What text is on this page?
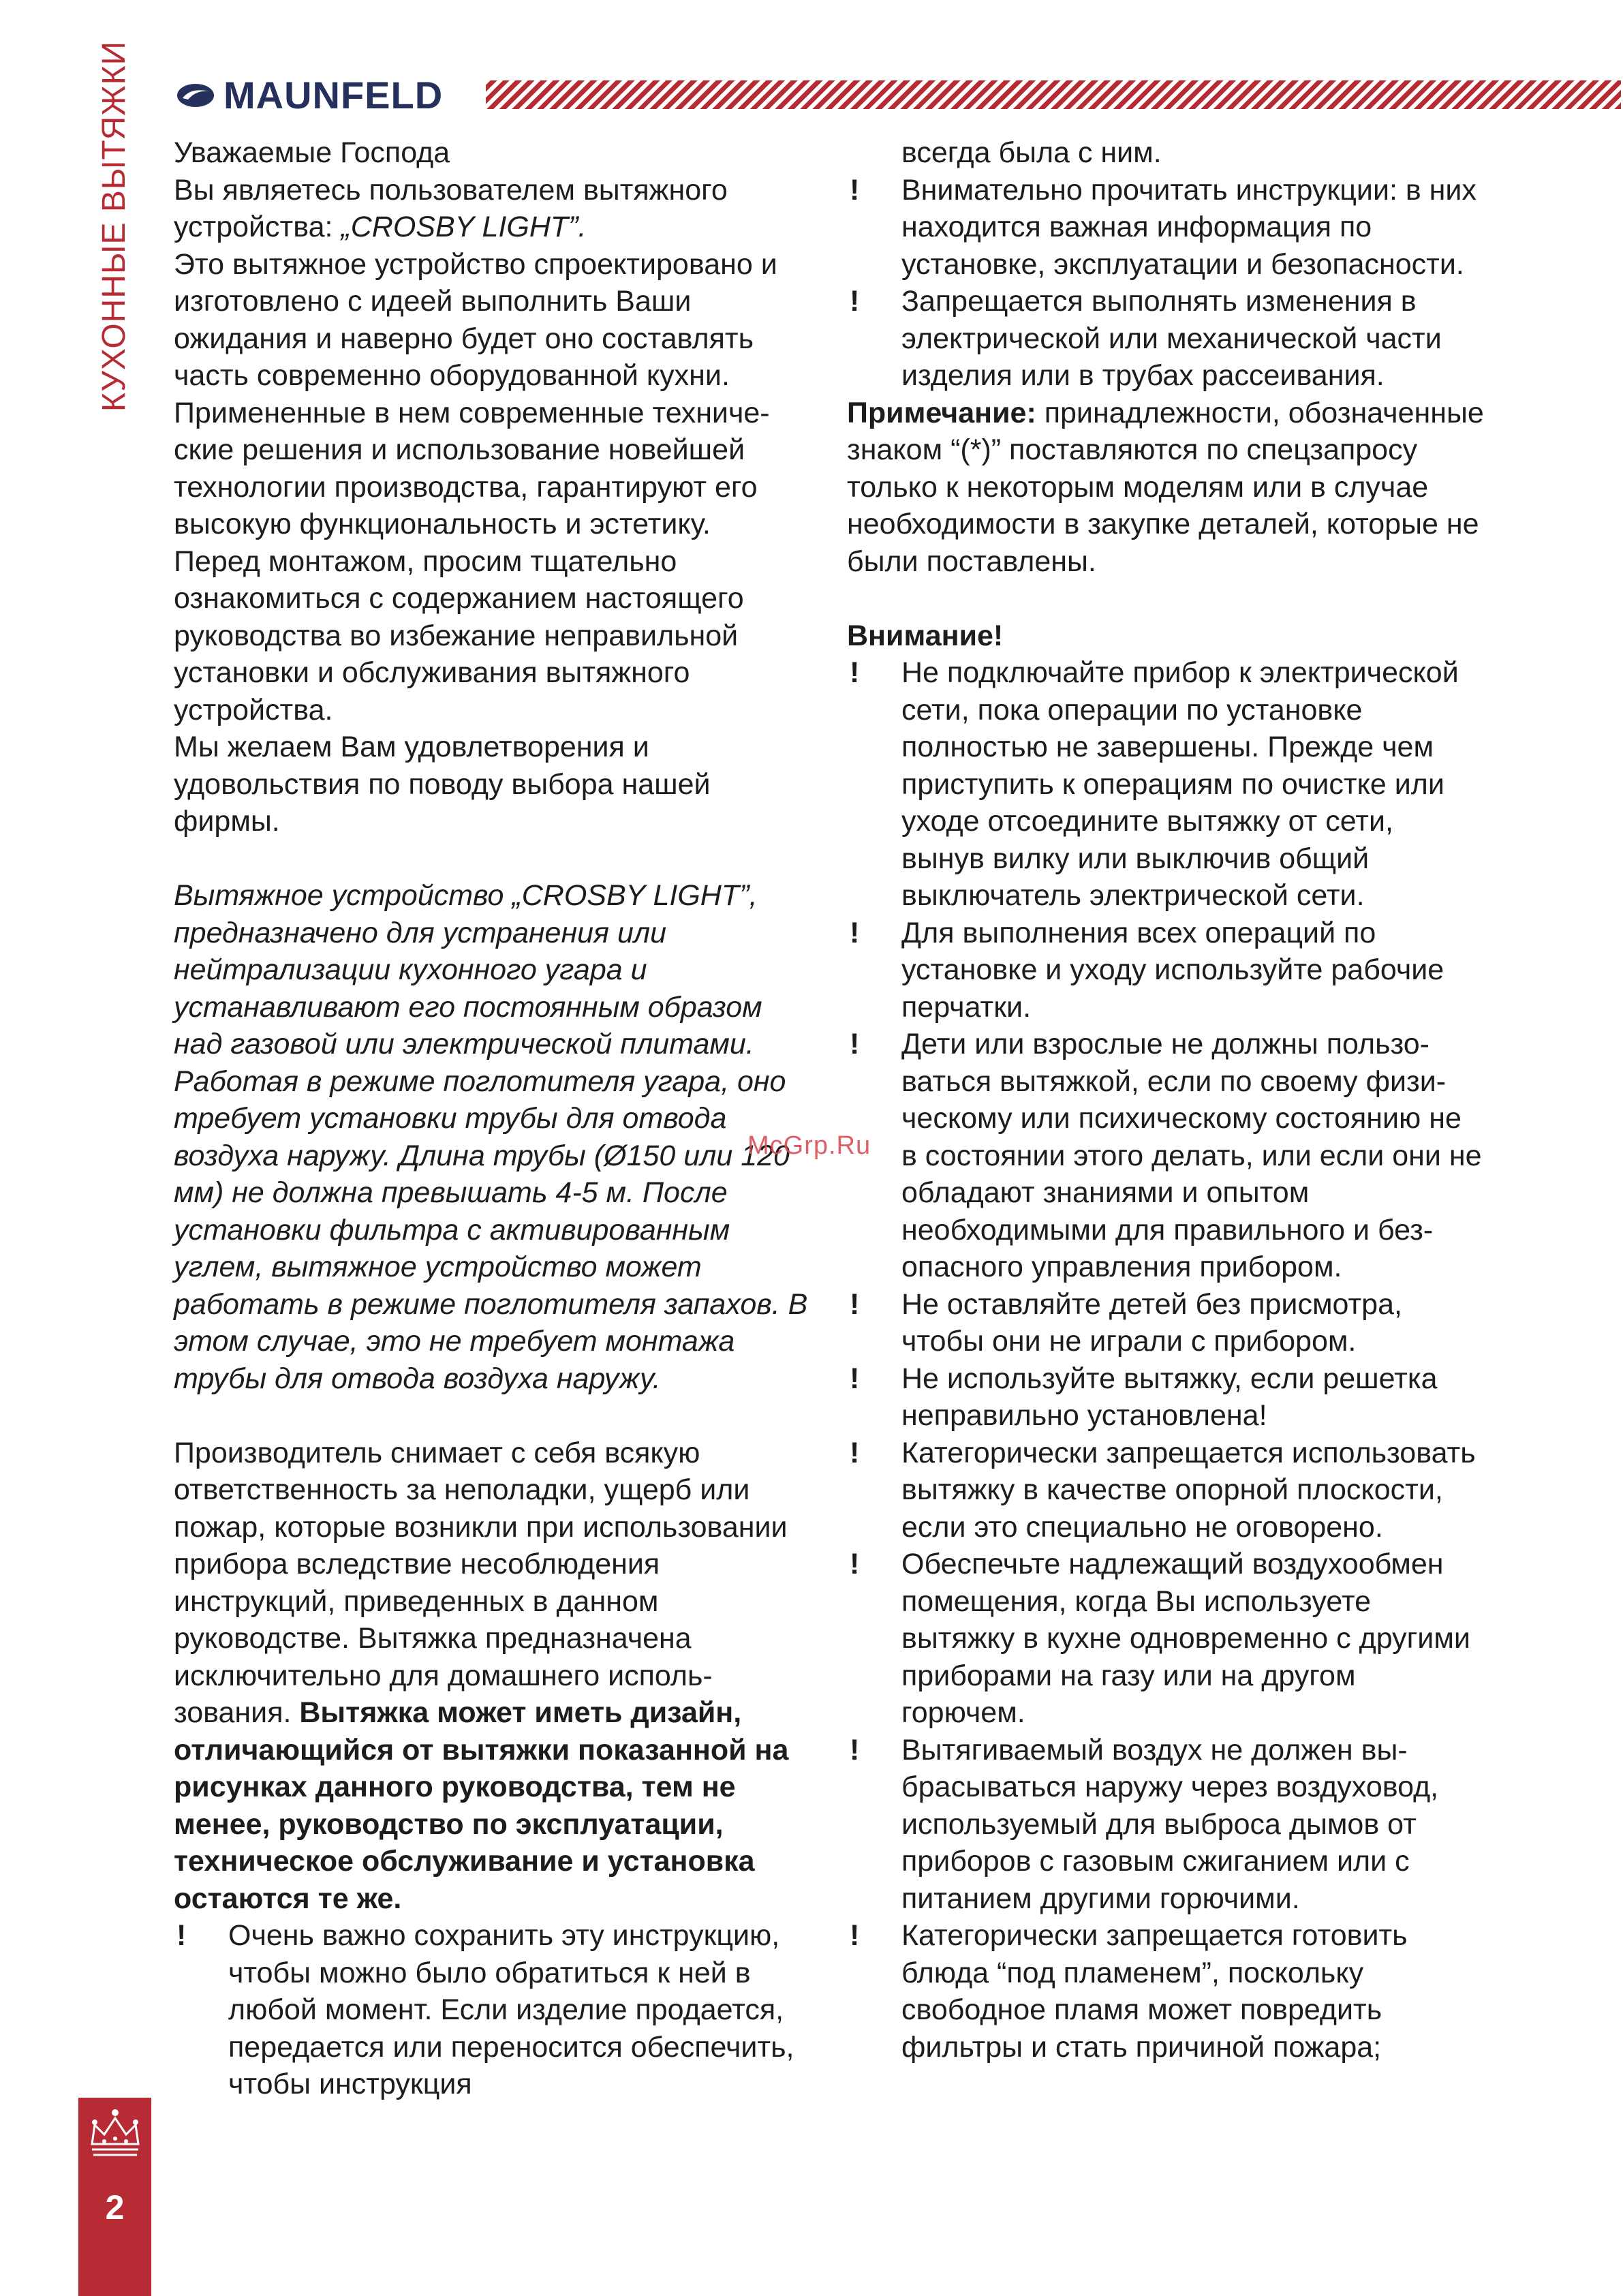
КУХОННЫЕ ВЫТЯЖКИ MAUNFELD

Уважаемые Господа

Вы являетесь пользователем вытяжного устройства: „CROSBY LIGHT”.

Это вытяжное устройство спроектировано и изготовлено с идеей выполнить Ваши ожидания и наверно будет оно составлять часть современно оборудованной кухни.

Примененные в нем современные технические решения и использование новейшей технологии производства, гарантируют его высокую функциональность и эстетику.

Перед монтажом, просим тщательно ознакомиться с содержанием настоящего руководства во избежание неправильной установки и обслуживания вытяжного устройства.

Мы желаем Вам удовлетворения и удовольствия по поводу выбора нашей фирмы.

Вытяжное устройство „CROSBY LIGHT”, предназначено для устранения или нейтрализации кухонного угара и устанавливают его постоянным образом над газовой или электрической плитами. Работая в режиме поглотителя угара, оно требует установки трубы для отвода воздуха наружу. Длина трубы (Ø150 или 120 мм) не должна превышать 4-5 м. После установки фильтра с активированным углем, вытяжное устройство может работать в режиме поглотителя запахов. В этом случае, это не требует монтажа трубы для отвода воздуха наружу.

Производитель снимает с себя всякую ответственность за неполадки, ущерб или пожар, которые возникли при использовании прибора вследствие несоблюдения инструкций, приведенных в данном руководстве. Вытяжка предназначена исключительно для домашнего использования. Вытяжка может иметь дизайн, отличающийся от вытяжки показанной на рисунках данного руководства, тем не менее, руководство по эксплуатации, техническое обслуживание и установка остаются те же.

! Очень важно сохранить эту инструкцию, чтобы можно было обратиться к ней в любой момент. Если изделие продается, передается или переносится обеспечить, чтобы инструкция
всегда была с ним.
! Внимательно прочитать инструкции: в них находится важная информация по установке, эксплуатации и безопасности.
! Запрещается выполнять изменения в электрической или механической части изделия или в трубах рассеивания.

Примечание: принадлежности, обозначенные знаком “(*)” поставляются по спецзапросу только к некоторым моделям или в случае необходимости в закупке деталей, которые не были поставлены.

Внимание!

! Не подключайте прибор к электрической сети, пока операции по установке полностью не завершены. Прежде чем приступить к операциям по очистке или уходе отсоедините вытяжку от сети, вынув вилку или выключив общий выключатель электрической сети.
! Для выполнения всех операций по установке и уходу используйте рабочие перчатки.
! Дети или взрослые не должны пользоваться вытяжкой, если по своему физическому или психическому состоянию не в состоянии этого делать, или если они не обладают знаниями и опытом необходимыми для правильного и безопасного управления прибором.
! Не оставляйте детей без присмотра, чтобы они не играли с прибором.
! Не используйте вытяжку, если решетка неправильно установлена!
! Категорически запрещается использовать вытяжку в качестве опорной плоскости, если это специально не оговорено.
! Обеспечьте надлежащий воздухообмен помещения, когда Вы используете вытяжку в кухне одновременно с другими приборами на газу или на другом горючем.
! Вытягиваемый воздух не должен выбрасываться наружу через воздуховод, используемый для выброса дымов от приборов с газовым сжиганием или с питанием другими горючими.
! Категорически запрещается готовить блюда “под пламенем”, поскольку свободное пламя может повредить фильтры и стать причиной пожара;
McGrp.Ru
2
